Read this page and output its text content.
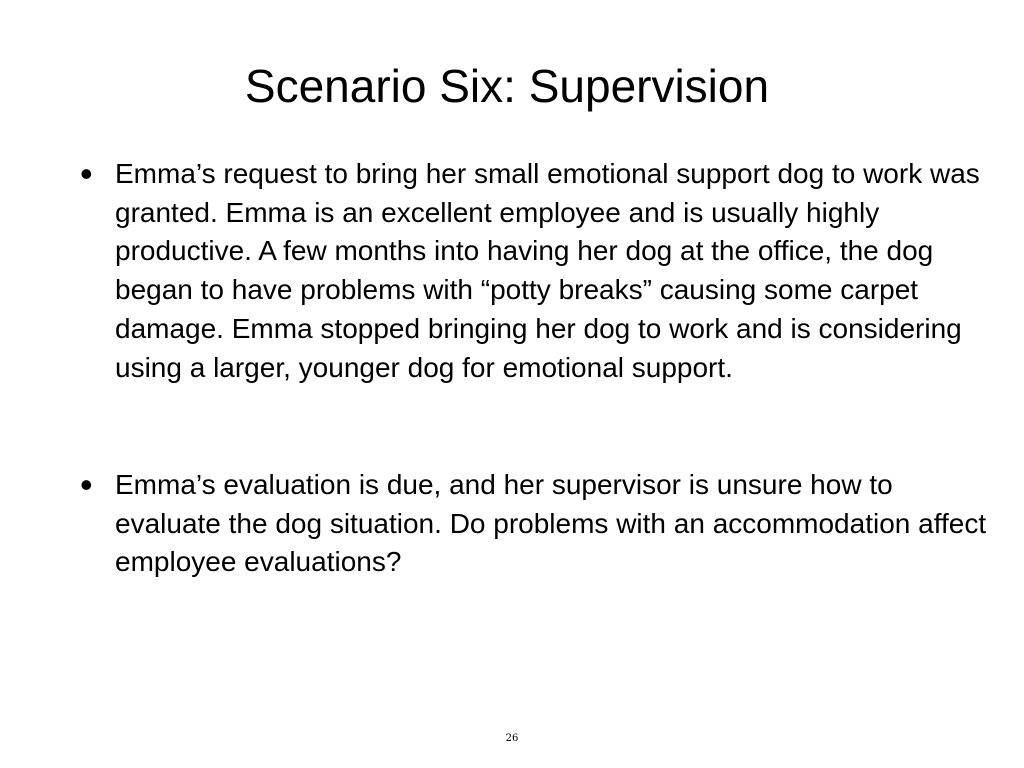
Scenario Six: Supervision
• Emma’s request to bring her small emotional support dog to work was granted. Emma is an excellent employee and is usually highly productive. A few months into having her dog at the office, the dog began to have problems with “potty breaks” causing some carpet damage. Emma stopped bringing her dog to work and is considering using a larger, younger dog for emotional support.

• Emma’s evaluation is due, and her supervisor is unsure how to evaluate the dog situation. Do problems with an accommodation affect employee evaluations?

26
